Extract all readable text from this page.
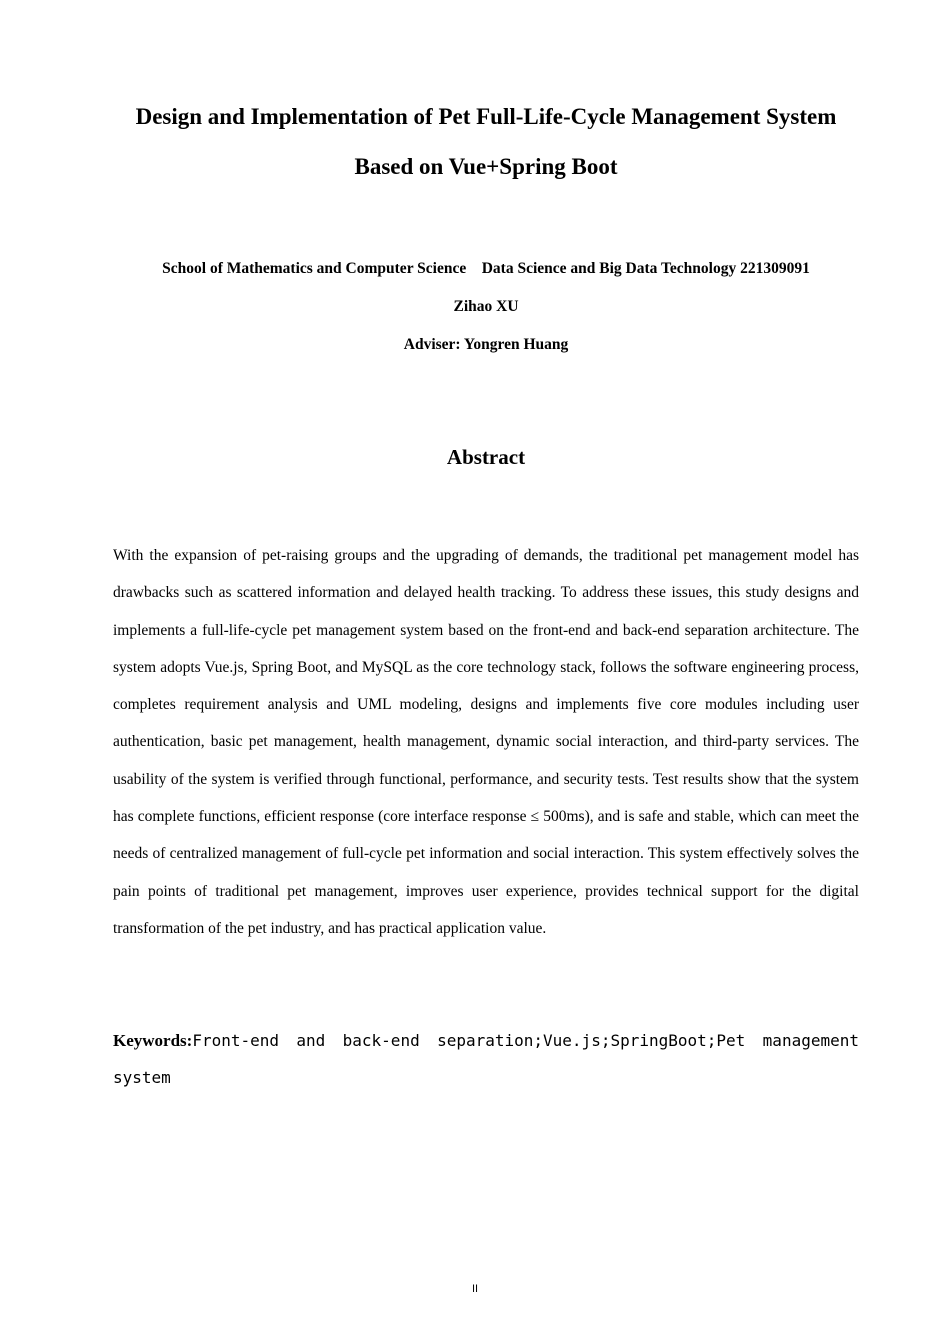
Design and Implementation of Pet Full-Life-Cycle Management System
Based on Vue+Spring Boot

School of Mathematics and Computer Science    Data Science and Big Data Technology 221309091

Zihao XU

Adviser: Yongren Huang

Abstract

With the expansion of pet-raising groups and the upgrading of demands, the traditional pet management model has drawbacks such as scattered information and delayed health tracking. To address these issues, this study designs and implements a full-life-cycle pet management system based on the front-end and back-end separation architecture. The system adopts Vue.js, Spring Boot, and MySQL as the core technology stack, follows the software engineering process, completes requirement analysis and UML modeling, designs and implements five core modules including user authentication, basic pet management, health management, dynamic social interaction, and third-party services. The usability of the system is verified through functional, performance, and security tests. Test results show that the system has complete functions, efficient response (core interface response ≤ 500ms), and is safe and stable, which can meet the needs of centralized management of full-cycle pet information and social interaction. This system effectively solves the pain points of traditional pet management, improves user experience, provides technical support for the digital transformation of the pet industry, and has practical application value.

Keywords:Front-end and back-end separation;Vue.js;SpringBoot;Pet management system

II
